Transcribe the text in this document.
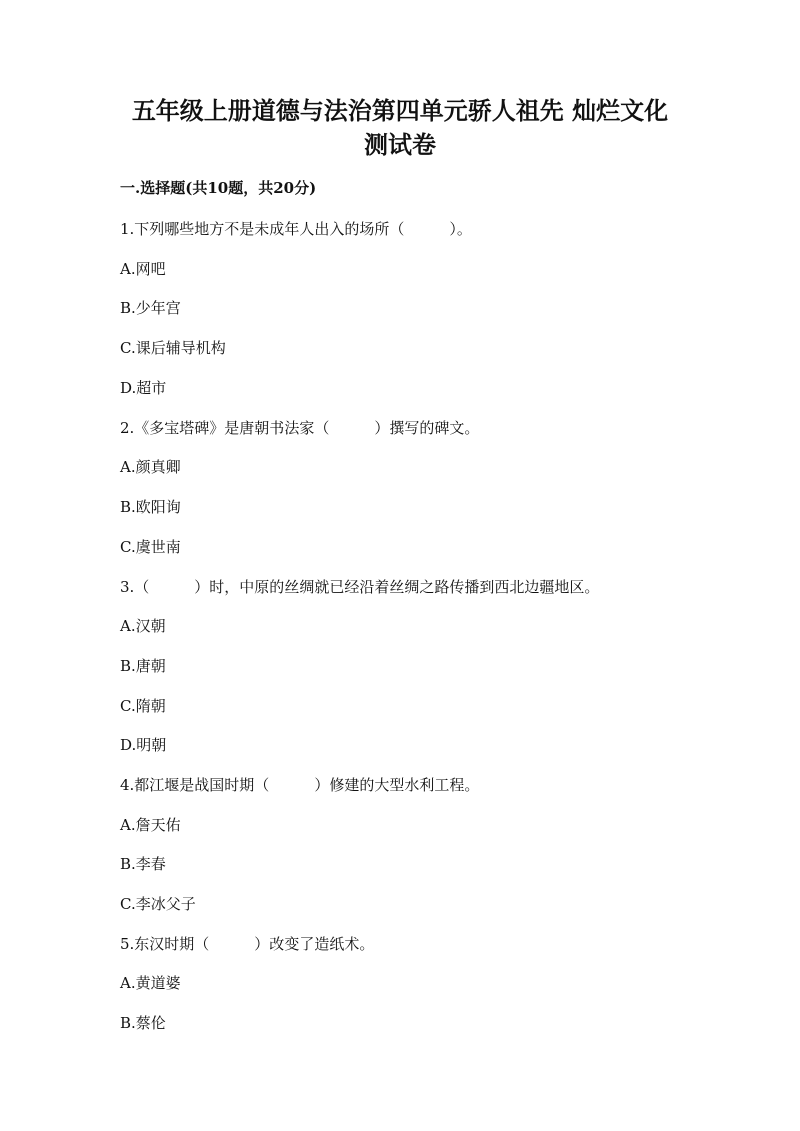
五年级上册道德与法治第四单元骄人祖先 灿烂文化
测试卷
一.选择题(共10题，共20分)

1.下列哪些地方不是未成年人出入的场所（　　　）。

A.网吧

B.少年宫

C.课后辅导机构

D.超市

2.《多宝塔碑》是唐朝书法家（　　　）撰写的碑文。

A.颜真卿

B.欧阳询

C.虞世南

3.（　　　）时，中原的丝绸就已经沿着丝绸之路传播到西北边疆地区。

A.汉朝

B.唐朝

C.隋朝

D.明朝

4.都江堰是战国时期（　　　）修建的大型水利工程。

A.詹天佑

B.李春

C.李冰父子

5.东汉时期（　　　）改变了造纸术。

A.黄道婆

B.蔡伦
